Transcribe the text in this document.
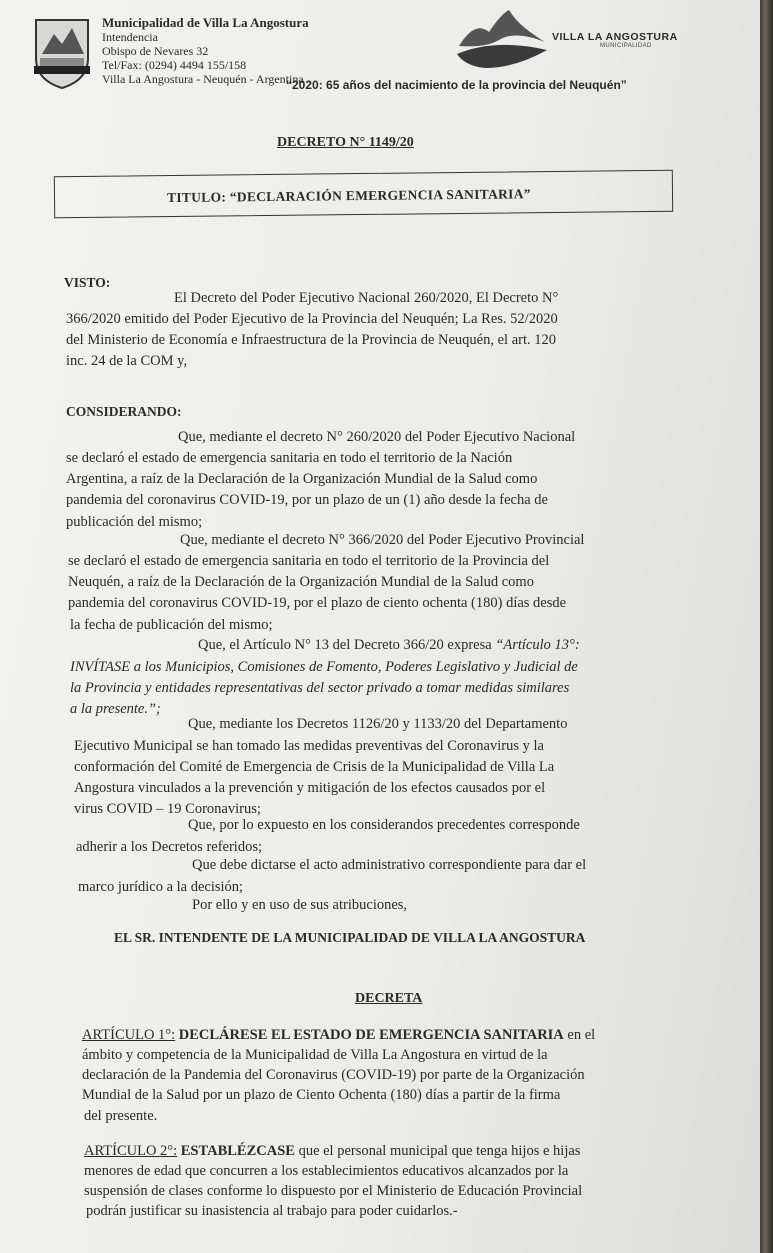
Municipalidad de Villa La Angostura
Intendencia
Obispo de Nevares 32
Tel/Fax: (0294) 4494 155/158
Villa La Angostura - Neuquén - Argentina
VILLA LA ANGOSTURA
MUNICIPALIDAD
“2020: 65 años del nacimiento de la provincia del Neuquén”
DECRETO N° 1149/20
TITULO: “DECLARACIÓN EMERGENCIA SANITARIA”
VISTO:
El Decreto del Poder Ejecutivo Nacional 260/2020, El Decreto N°
366/2020 emitido del Poder Ejecutivo de la Provincia del Neuquén; La Res. 52/2020
del Ministerio de Economía e Infraestructura de la Provincia de Neuquén, el art. 120
inc. 24 de la COM y,
CONSIDERANDO:
Que, mediante el decreto N° 260/2020 del Poder Ejecutivo Nacional
se declaró el estado de emergencia sanitaria en todo el territorio de la Nación
Argentina, a raíz de la Declaración de la Organización Mundial de la Salud como
pandemia del coronavirus COVID-19, por un plazo de un (1) año desde la fecha de
publicación del mismo;
Que, mediante el decreto N° 366/2020 del Poder Ejecutivo Provincial
se declaró el estado de emergencia sanitaria en todo el territorio de la Provincia del
Neuquén, a raíz de la Declaración de la Organización Mundial de la Salud como
pandemia del coronavirus COVID-19, por el plazo de ciento ochenta (180) días desde
la fecha de publicación del mismo;
Que, el Artículo N° 13 del Decreto 366/20 expresa “Artículo 13°:
INVÍTASE a los Municipios, Comisiones de Fomento, Poderes Legislativo y Judicial de
la Provincia y entidades representativas del sector privado a tomar medidas similares
a la presente.”;
Que, mediante los Decretos 1126/20 y 1133/20 del Departamento
Ejecutivo Municipal se han tomado las medidas preventivas del Coronavirus y la
conformación del Comité de Emergencia de Crisis de la Municipalidad de Villa La
Angostura vinculados a la prevención y mitigación de los efectos causados por el
virus COVID – 19 Coronavirus;
Que, por lo expuesto en los considerandos precedentes corresponde
adherir a los Decretos referidos;
Que debe dictarse el acto administrativo correspondiente para dar el
marco jurídico a la decisión;
Por ello y en uso de sus atribuciones,
EL SR. INTENDENTE DE LA MUNICIPALIDAD DE VILLA LA ANGOSTURA
DECRETA
ARTÍCULO 1°: DECLÁRESE EL ESTADO DE EMERGENCIA SANITARIA en el
ámbito y competencia de la Municipalidad de Villa La Angostura en virtud de la
declaración de la Pandemia del Coronavirus (COVID-19) por parte de la Organización
Mundial de la Salud por un plazo de Ciento Ochenta (180) días a partir de la firma
del presente.
ARTÍCULO 2°: ESTABLÉZCASE que el personal municipal que tenga hijos e hijas
menores de edad que concurren a los establecimientos educativos alcanzados por la
suspensión de clases conforme lo dispuesto por el Ministerio de Educación Provincial
podrán justificar su inasistencia al trabajo para poder cuidarlos.-
